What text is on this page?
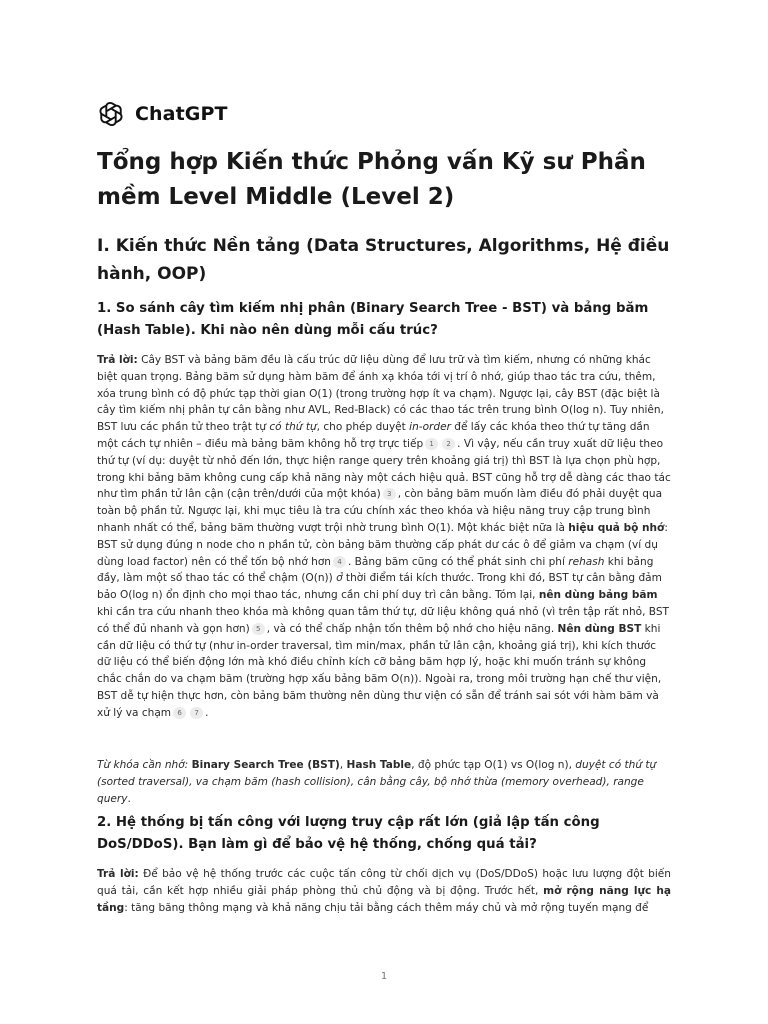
ChatGPT
Tổng hợp Kiến thức Phỏng vấn Kỹ sư Phần mềm Level Middle (Level 2)
I. Kiến thức Nền tảng (Data Structures, Algorithms, Hệ điều hành, OOP)
1. So sánh cây tìm kiếm nhị phân (Binary Search Tree - BST) và bảng băm (Hash Table). Khi nào nên dùng mỗi cấu trúc?

Trả lời: Cây BST và bảng băm đều là cấu trúc dữ liệu dùng để lưu trữ và tìm kiếm, nhưng có những khác biệt quan trọng. Bảng băm sử dụng hàm băm để ánh xạ khóa tới vị trí ô nhớ, giúp thao tác tra cứu, thêm, xóa trung bình có độ phức tạp thời gian O(1) (trong trường hợp ít va chạm). Ngược lại, cây BST (đặc biệt là cây tìm kiếm nhị phân tự cân bằng như AVL, Red-Black) có các thao tác trên trung bình O(log n). Tuy nhiên, BST lưu các phần tử theo trật tự có thứ tự, cho phép duyệt in-order để lấy các khóa theo thứ tự tăng dần một cách tự nhiên – điều mà bảng băm không hỗ trợ trực tiếp 1 2 . Vì vậy, nếu cần truy xuất dữ liệu theo thứ tự (ví dụ: duyệt từ nhỏ đến lớn, thực hiện range query trên khoảng giá trị) thì BST là lựa chọn phù hợp, trong khi bảng băm không cung cấp khả năng này một cách hiệu quả. BST cũng hỗ trợ dễ dàng các thao tác như tìm phần tử lân cận (cận trên/dưới của một khóa) 3 , còn bảng băm muốn làm điều đó phải duyệt qua toàn bộ phần tử. Ngược lại, khi mục tiêu là tra cứu chính xác theo khóa và hiệu năng truy cập trung bình nhanh nhất có thể, bảng băm thường vượt trội nhờ trung bình O(1). Một khác biệt nữa là hiệu quả bộ nhớ: BST sử dụng đúng n node cho n phần tử, còn bảng băm thường cấp phát dư các ô để giảm va chạm (ví dụ dùng load factor) nên có thể tốn bộ nhớ hơn 4 . Bảng băm cũng có thể phát sinh chi phí rehash khi bảng đầy, làm một số thao tác có thể chậm (O(n)) ở thời điểm tái kích thước. Trong khi đó, BST tự cân bằng đảm bảo O(log n) ổn định cho mọi thao tác, nhưng cần chi phí duy trì cân bằng. Tóm lại, nên dùng bảng băm khi cần tra cứu nhanh theo khóa mà không quan tâm thứ tự, dữ liệu không quá nhỏ (vì trên tập rất nhỏ, BST có thể đủ nhanh và gọn hơn) 5 , và có thể chấp nhận tốn thêm bộ nhớ cho hiệu năng. Nên dùng BST khi cần dữ liệu có thứ tự (như in-order traversal, tìm min/max, phần tử lân cận, khoảng giá trị), khi kích thước dữ liệu có thể biến động lớn mà khó điều chỉnh kích cỡ bảng băm hợp lý, hoặc khi muốn tránh sự không chắc chắn do va chạm băm (trường hợp xấu bảng băm O(n)). Ngoài ra, trong môi trường hạn chế thư viện, BST dễ tự hiện thực hơn, còn bảng băm thường nên dùng thư viện có sẵn để tránh sai sót với hàm băm và xử lý va chạm 6 7 .

Từ khóa cần nhớ: Binary Search Tree (BST), Hash Table, độ phức tạp O(1) vs O(log n), duyệt có thứ tự (sorted traversal), va chạm băm (hash collision), cân bằng cây, bộ nhớ thừa (memory overhead), range query.

2. Hệ thống bị tấn công với lượng truy cập rất lớn (giả lập tấn công DoS/DDoS). Bạn làm gì để bảo vệ hệ thống, chống quá tải?

Trả lời: Để bảo vệ hệ thống trước các cuộc tấn công từ chối dịch vụ (DoS/DDoS) hoặc lưu lượng đột biến quá tải, cần kết hợp nhiều giải pháp phòng thủ chủ động và bị động. Trước hết, mở rộng năng lực hạ tầng: tăng băng thông mạng và khả năng chịu tải bằng cách thêm máy chủ và mở rộng tuyến mạng để

1
